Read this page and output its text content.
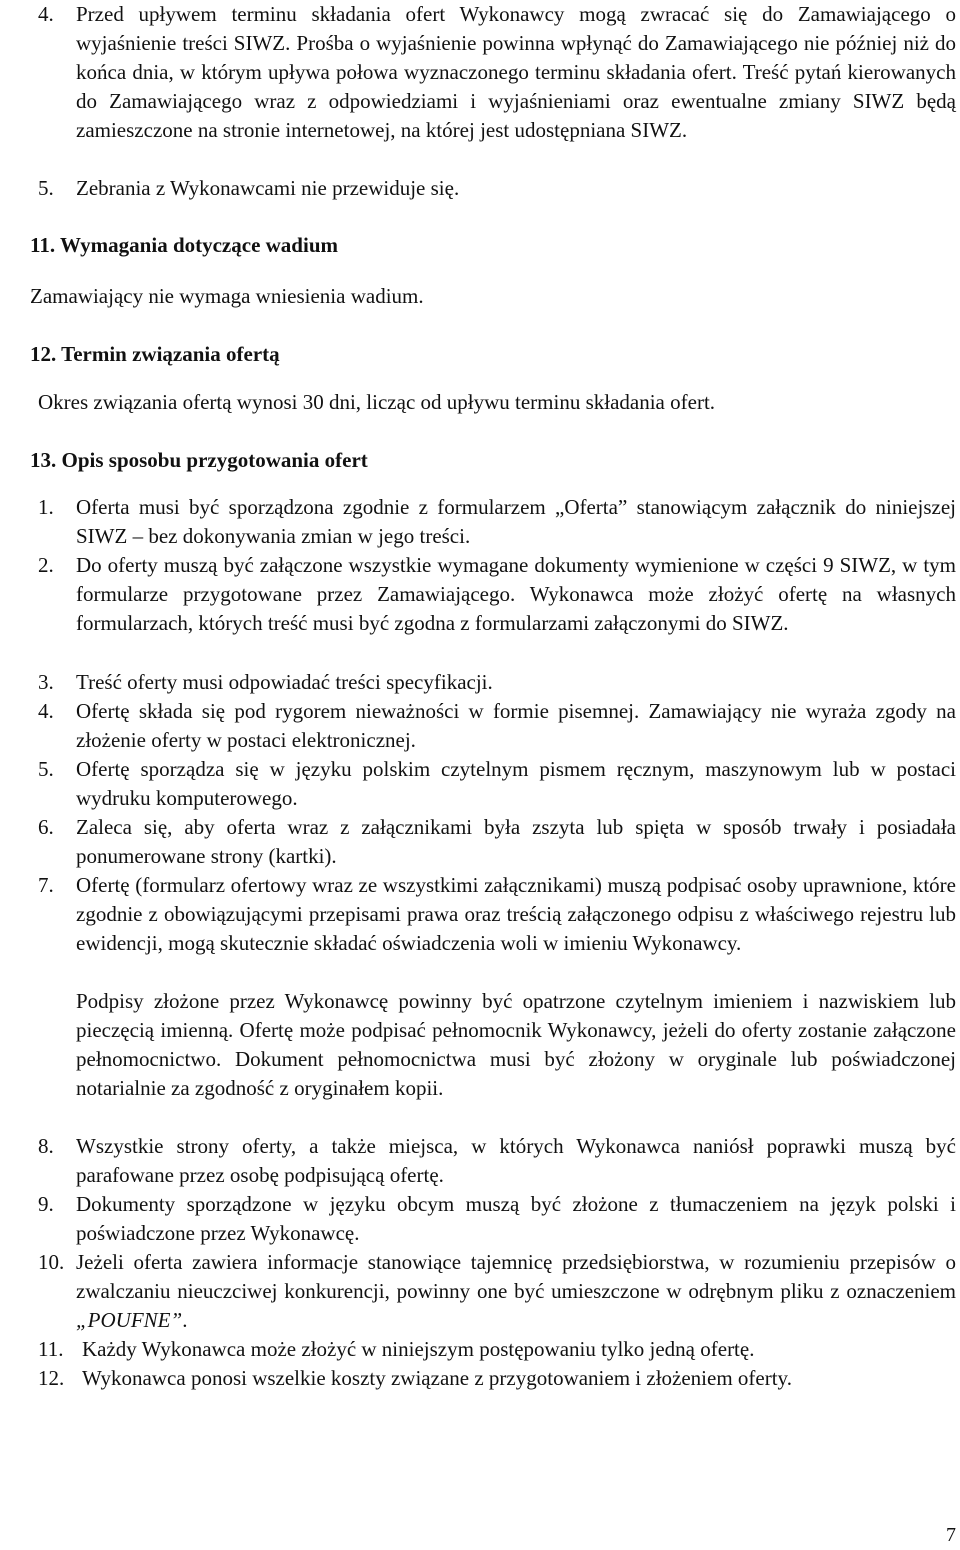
4. Przed upływem terminu składania ofert Wykonawcy mogą zwracać się do Zamawiającego o wyjaśnienie treści SIWZ. Prośba o wyjaśnienie powinna wpłynąć do Zamawiającego nie później niż do końca dnia, w którym upływa połowa wyznaczonego terminu składania ofert. Treść pytań kierowanych do Zamawiającego wraz z odpowiedziami i wyjaśnieniami oraz ewentualne zmiany SIWZ będą zamieszczone na stronie internetowej, na której jest udostępniana SIWZ.
5. Zebrania z Wykonawcami nie przewiduje się.
11. Wymagania dotyczące wadium
Zamawiający nie wymaga wniesienia wadium.
12. Termin związania ofertą
Okres związania ofertą wynosi 30 dni, licząc od upływu terminu składania ofert.
13. Opis sposobu przygotowania ofert
1. Oferta musi być sporządzona zgodnie z formularzem „Oferta” stanowiącym załącznik do niniejszej SIWZ – bez dokonywania zmian w jego treści.
2. Do oferty muszą być załączone wszystkie wymagane dokumenty wymienione w części 9 SIWZ, w tym formularze przygotowane przez Zamawiającego. Wykonawca może złożyć ofertę na własnych formularzach, których treść musi być zgodna z formularzami załączonymi do SIWZ.
3. Treść oferty musi odpowiadać treści specyfikacji.
4. Ofertę składa się pod rygorem nieważności w formie pisemnej. Zamawiający nie wyraża zgody na złożenie oferty w postaci elektronicznej.
5. Ofertę sporządza się w języku polskim czytelnym pismem ręcznym, maszynowym lub w postaci wydruku komputerowego.
6. Zaleca się, aby oferta wraz z załącznikami była zszyta lub spięta w sposób trwały i posiadała ponumerowane strony (kartki).
7. Ofertę (formularz ofertowy wraz ze wszystkimi załącznikami) muszą podpisać osoby uprawnione, które zgodnie z obowiązującymi przepisami prawa oraz treścią załączonego odpisu z właściwego rejestru lub ewidencji, mogą skutecznie składać oświadczenia woli w imieniu Wykonawcy.
Podpisy złożone przez Wykonawcę powinny być opatrzone czytelnym imieniem i nazwiskiem lub pieczęcią imienną. Ofertę może podpisać pełnomocnik Wykonawcy, jeżeli do oferty zostanie załączone pełnomocnictwo. Dokument pełnomocnictwa musi być złożony w oryginale lub poświadczonej notarialnie za zgodność z oryginałem kopii.
8. Wszystkie strony oferty, a także miejsca, w których Wykonawca naniósł poprawki muszą być parafowane przez osobę podpisującą ofertę.
9. Dokumenty sporządzone w języku obcym muszą być złożone z tłumaczeniem na język polski i poświadczone przez Wykonawcę.
10. Jeżeli oferta zawiera informacje stanowiące tajemnicę przedsiębiorstwa, w rozumieniu przepisów o zwalczaniu nieuczciwej konkurencji, powinny one być umieszczone w odrębnym pliku z oznaczeniem „POUFNE”.
11. Każdy Wykonawca może złożyć w niniejszym postępowaniu tylko jedną ofertę.
12. Wykonawca ponosi wszelkie koszty związane z przygotowaniem i złożeniem oferty.
7
